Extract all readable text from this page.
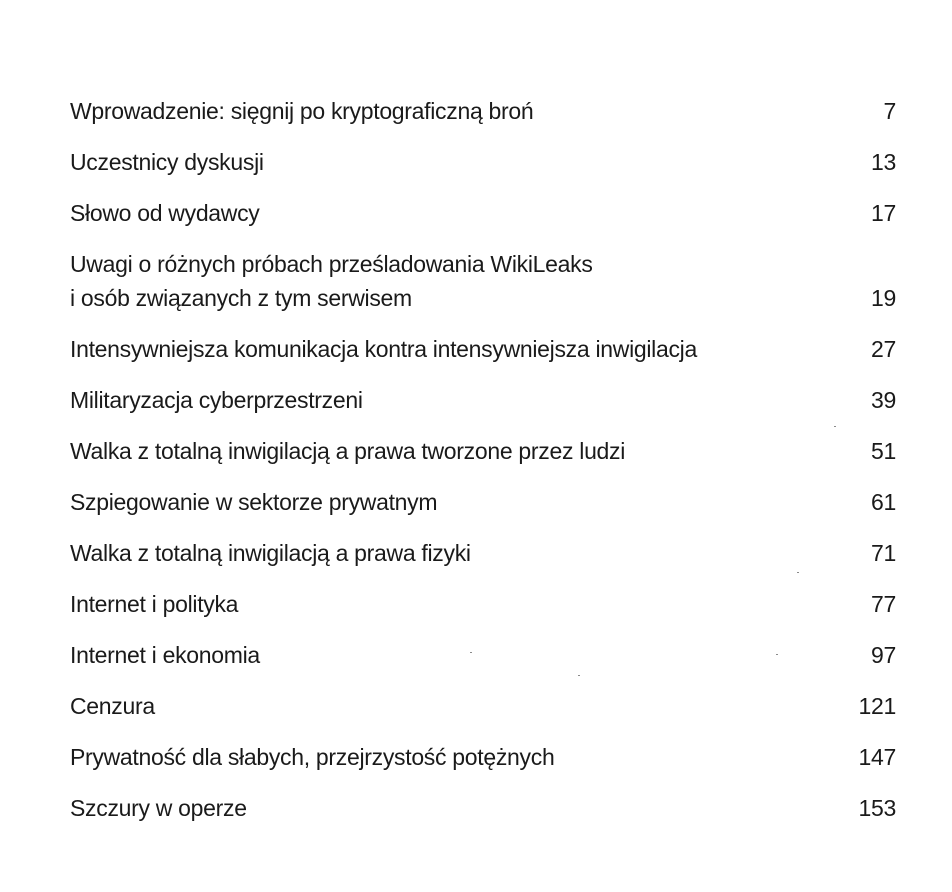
Wprowadzenie: sięgnij po kryptograficzną broń	7
Uczestnicy dyskusji	13
Słowo od wydawcy	17
Uwagi o różnych próbach prześladowania WikiLeaks
i osób związanych z tym serwisem	19
Intensywniejsza komunikacja kontra intensywniejsza inwigilacja	27
Militaryzacja cyberprzestrzeni	39
Walka z totalną inwigilacją a prawa tworzone przez ludzi	51
Szpiegowanie w sektorze prywatnym	61
Walka z totalną inwigilacją a prawa fizyki	71
Internet i polityka	77
Internet i ekonomia	97
Cenzura	121
Prywatność dla słabych, przejrzystość potężnych	147
Szczury w operze	153
